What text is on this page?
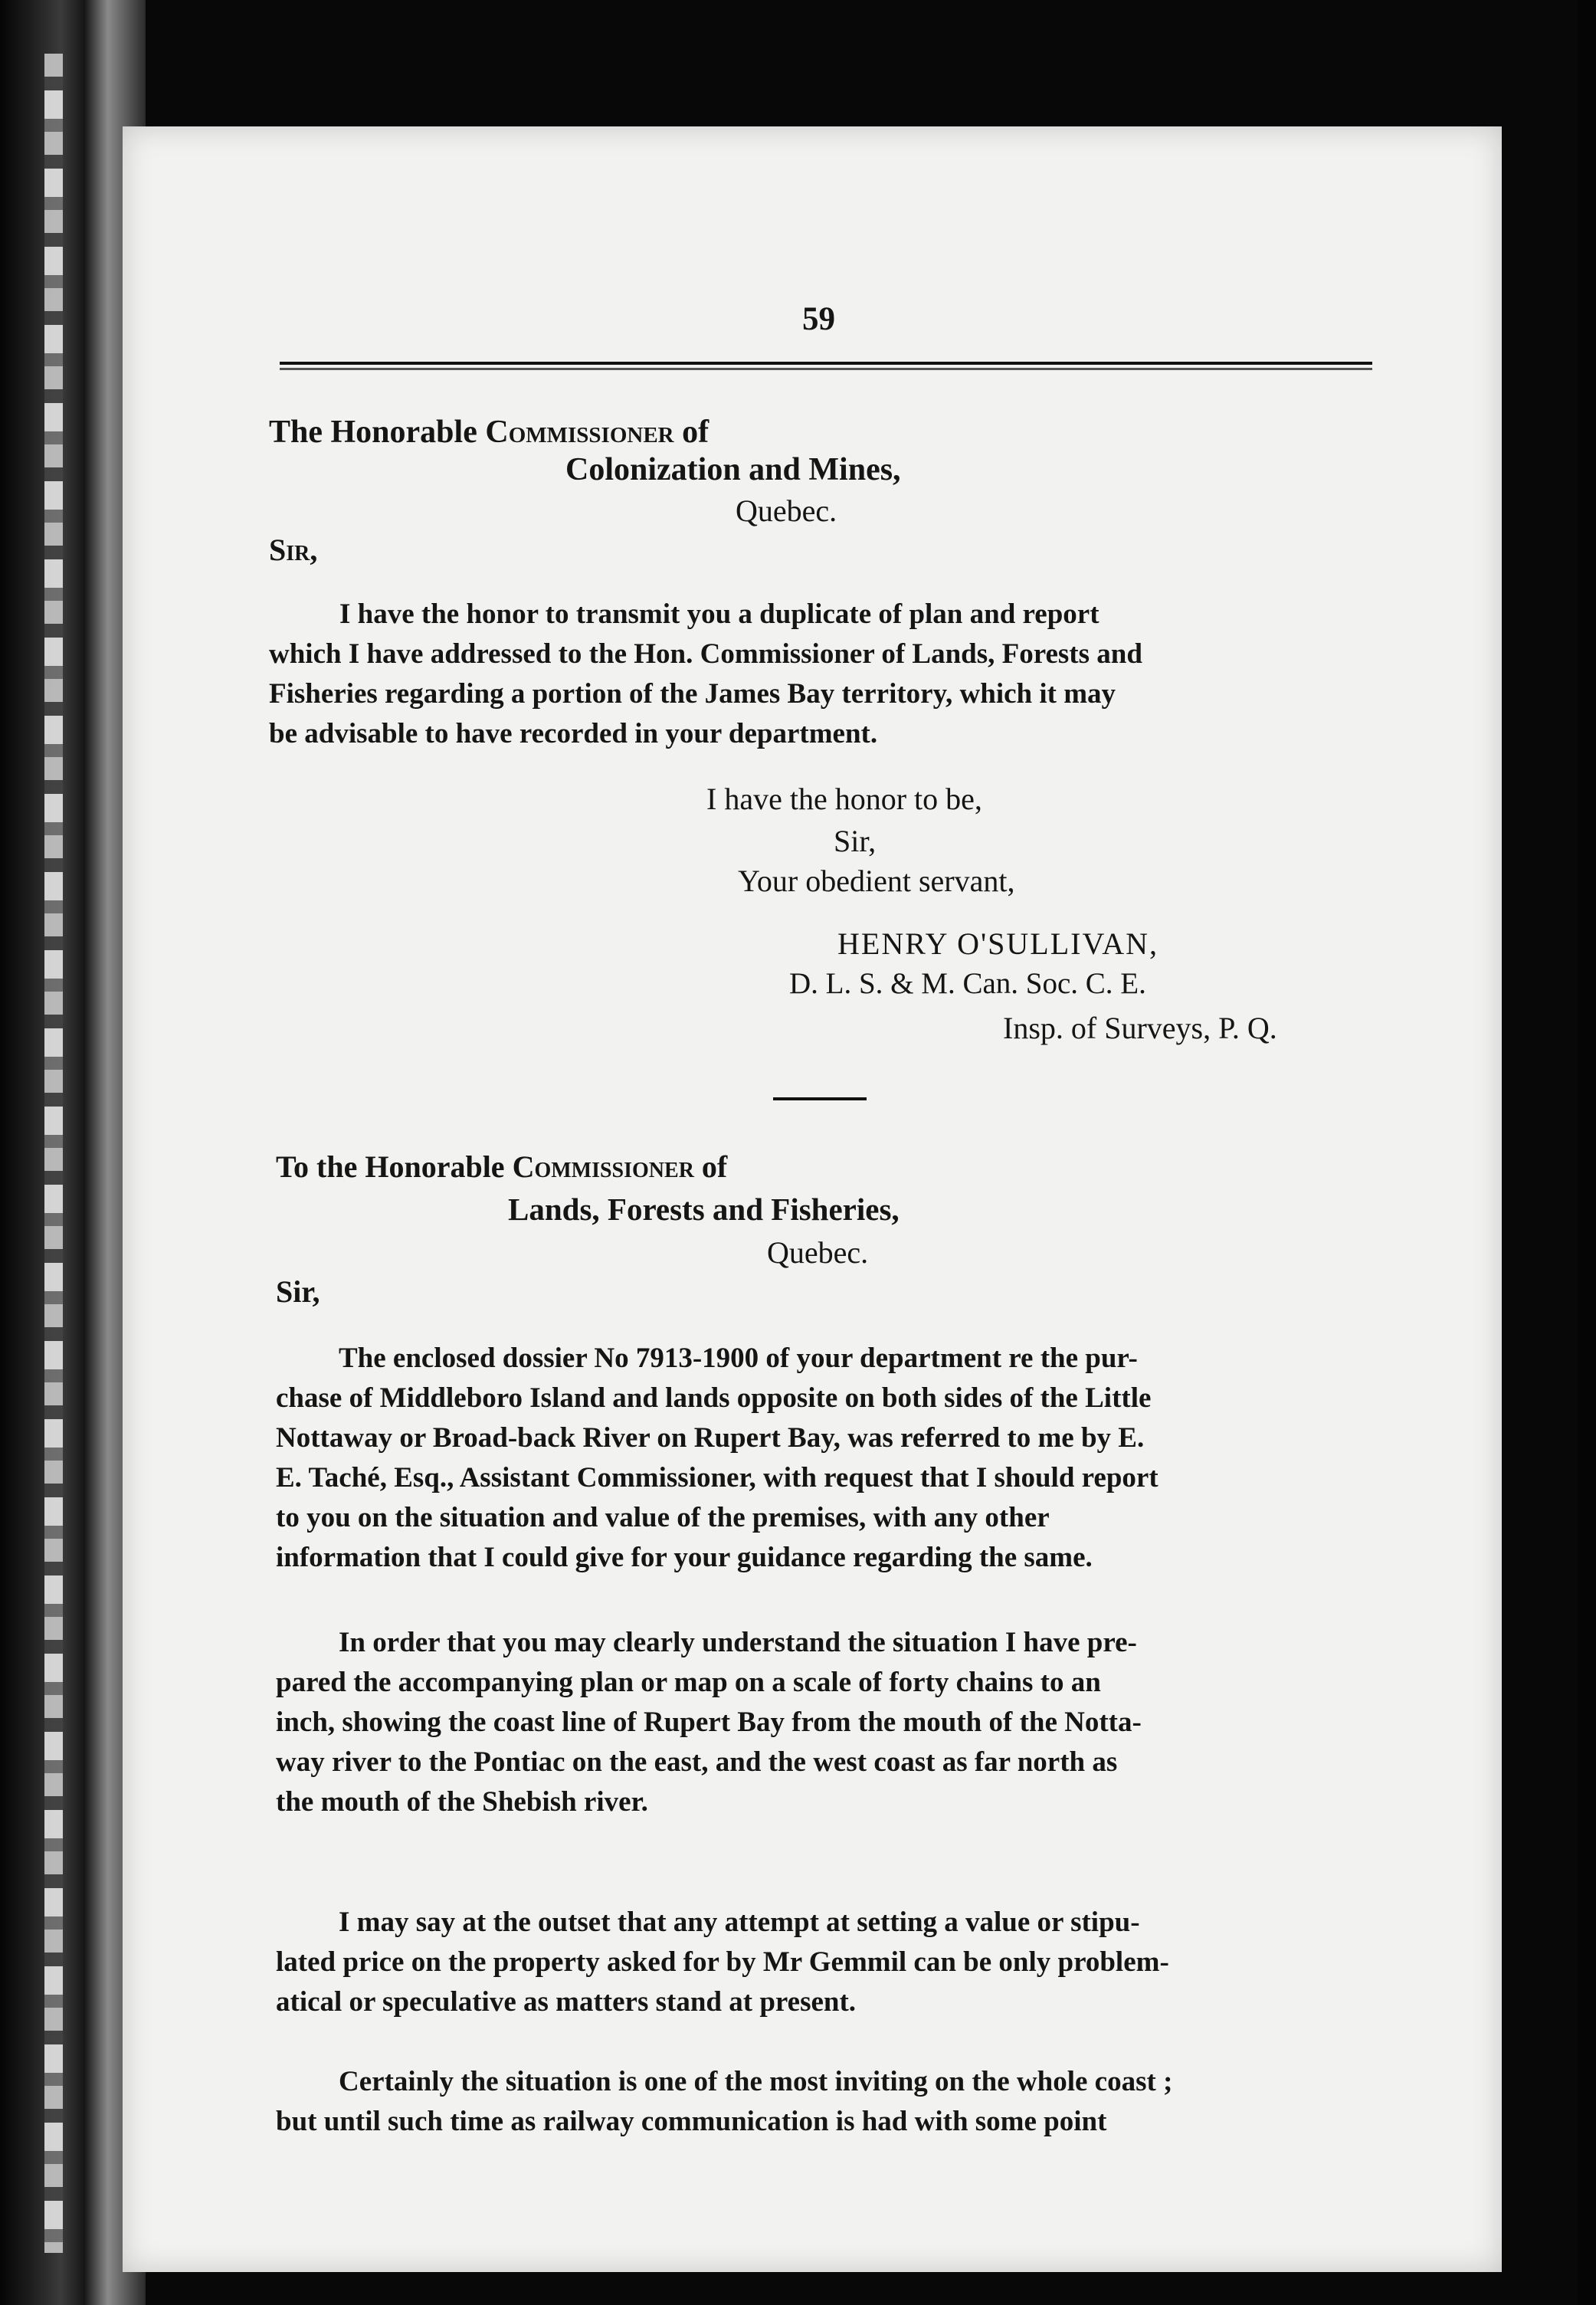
59
The Honorable Commissioner of
Colonization and Mines,
Quebec.
Sir,
I have the honor to transmit you a duplicate of plan and report
which I have addressed to the Hon. Commissioner of Lands, Forests and
Fisheries regarding a portion of the James Bay territory, which it may
be advisable to have recorded in your department.
I have the honor to be,
Sir,
Your obedient servant,
HENRY O'SULLIVAN,
D. L. S. & M. Can. Soc. C. E.
Insp. of Surveys, P. Q.
To the Honorable Commissioner of
Lands, Forests and Fisheries,
Quebec.
Sir,
The enclosed dossier No 7913-1900 of your department re the pur-
chase of Middleboro Island and lands opposite on both sides of the Little
Nottaway or Broad-back River on Rupert Bay, was referred to me by E.
E. Taché, Esq., Assistant Commissioner, with request that I should report
to you on the situation and value of the premises, with any other
information that I could give for your guidance regarding the same.
In order that you may clearly understand the situation I have pre-
pared the accompanying plan or map on a scale of forty chains to an
inch, showing the coast line of Rupert Bay from the mouth of the Notta-
way river to the Pontiac on the east, and the west coast as far north as
the mouth of the Shebish river.
I may say at the outset that any attempt at setting a value or stipu-
lated price on the property asked for by Mr Gemmil can be only problem-
atical or speculative as matters stand at present.
Certainly the situation is one of the most inviting on the whole coast ;
but until such time as railway communication is had with some point
